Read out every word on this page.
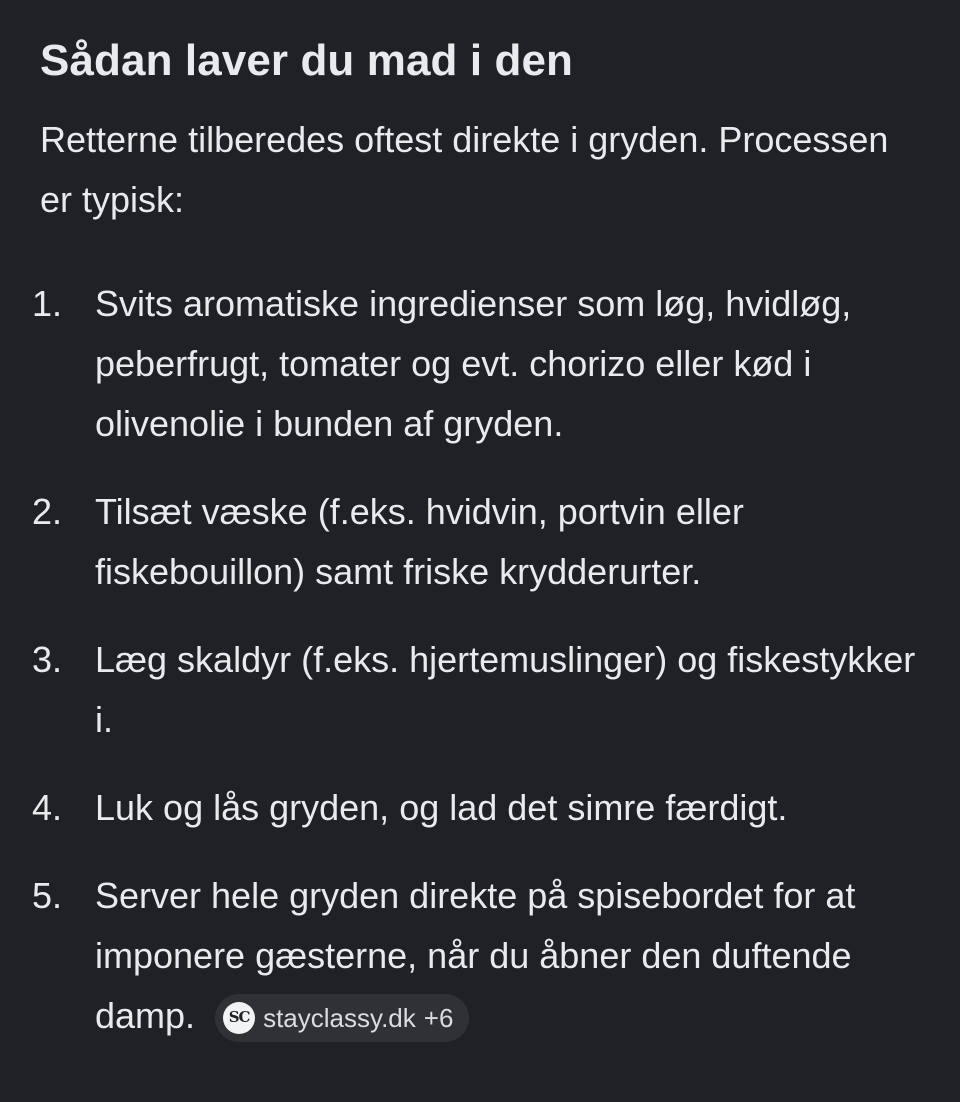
Sådan laver du mad i den

Retterne tilberedes oftest direkte i gryden. Processen er typisk:

1. Svits aromatiske ingredienser som løg, hvidløg, peberfrugt, tomater og evt. chorizo eller kød i olivenolie i bunden af gryden.
2. Tilsæt væske (f.eks. hvidvin, portvin eller fiskebouillon) samt friske krydderurter.
3. Læg skaldyr (f.eks. hjertemuslinger) og fiskestykker i.
4. Luk og lås gryden, og lad det simre færdigt.
5. Server hele gryden direkte på spisebordet for at imponere gæsterne, når du åbner den duftende damp.	SC stayclassy.dk +6
